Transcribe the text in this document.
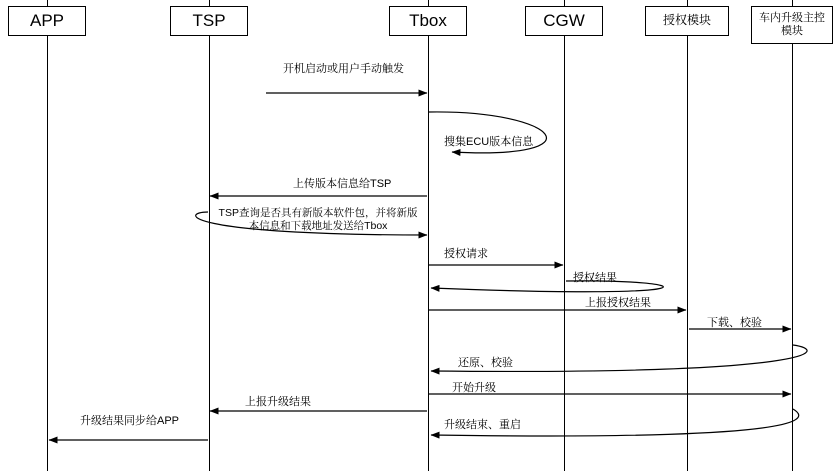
APP	TSP	Tbox	CGW	授权模块	车内升级主控模块
开机启动或用户手动触发
搜集ECU版本信息
上传版本信息给TSP
TSP查询是否具有新版本软件包，并将新版本信息和下载地址发送给Tbox
授权请求
授权结果
上报授权结果
下载、校验
还原、校验
开始升级
上报升级结果
升级结束、重启
升级结果同步给APP
